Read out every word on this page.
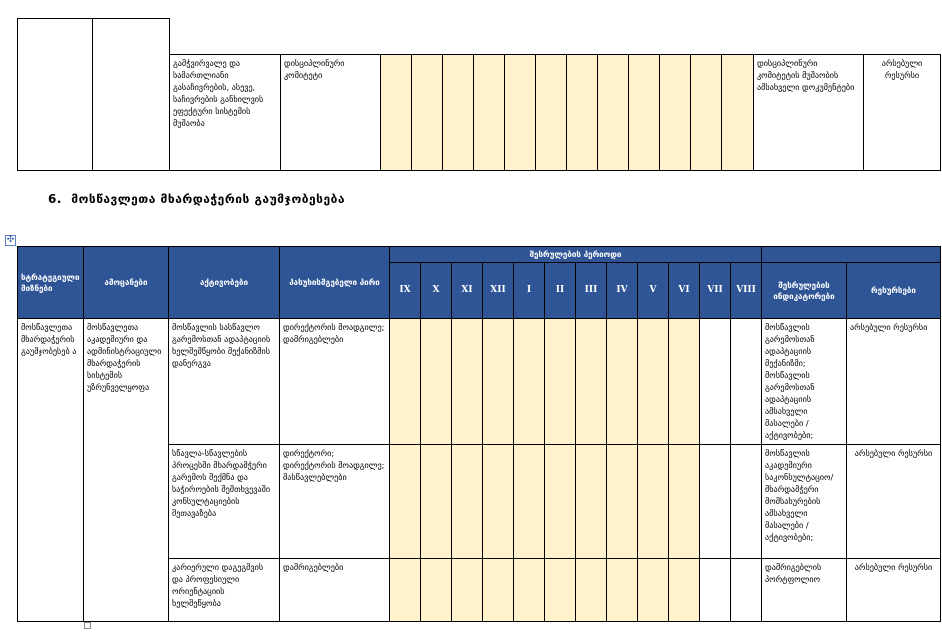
		გამჭვირვალე და სამართლიანი გასაჩივრების, ასევე, საჩივრების განხილვის ეფექტური სისტემის მუშაობა	დისციპლინური კომიტეტი													დისციპლინური კომიტეტის მუშაობის ამსახველი დოკუმენტები	არსებული რესურსი
6. მოსწავლეთა მხარდაჭერის გაუმჯობესება
✣
სტრატეგიული მიზნები	ამოცანები	აქტივობები	პასუხისმგებელი პირი	შესრულების პერიოდი													
				IX	X	XI	XII	I	II	III	IV	V	VI	VII	VIII	შესრულების ინდიკატორები	რესურსები
მოსწავლეთა მხარდაჭერის გაუმჯობესებ ა	მოსწავლეთა აკადემიური და ადმინისტრაციული მხარდაჭერის სისტემის უზრუნველყოფა	მოსწავლის სასწავლო გარემოსთან ადაპტაციის ხელშემწყობი მექანიზმის დანერგვა	დირექტორის მოადგილე; დამრიგებლები													მოსწავლის გარემოსთან ადაპტაციის მექანიზმი; მოსწავლის გარემოსთან ადაპტაციის ამსახველი მასალები / აქტივობები;	არსებული რესურსი
		სწავლა-სწავლების პროცესში მხარდამჭერი გარემოს შექმნა და საჭიროების შემთხვევაში კონსულტაციების შეთავაზება	დირექტორი; დირექტორის მოადგილე; მასწავლებლები													მოსწავლის აკადემიური საკონსულტაციო/ მხარდამჭერი მომსახურების ამსახველი მასალები / აქტივობები;	არსებული რესურსი
		კარიერული დაგეგმვის და პროფესიული ორიენტაციის ხელშეწყობა	დამრიგებლები													დამრიგებლის პორტფოლიო	არსებული რესურსი
